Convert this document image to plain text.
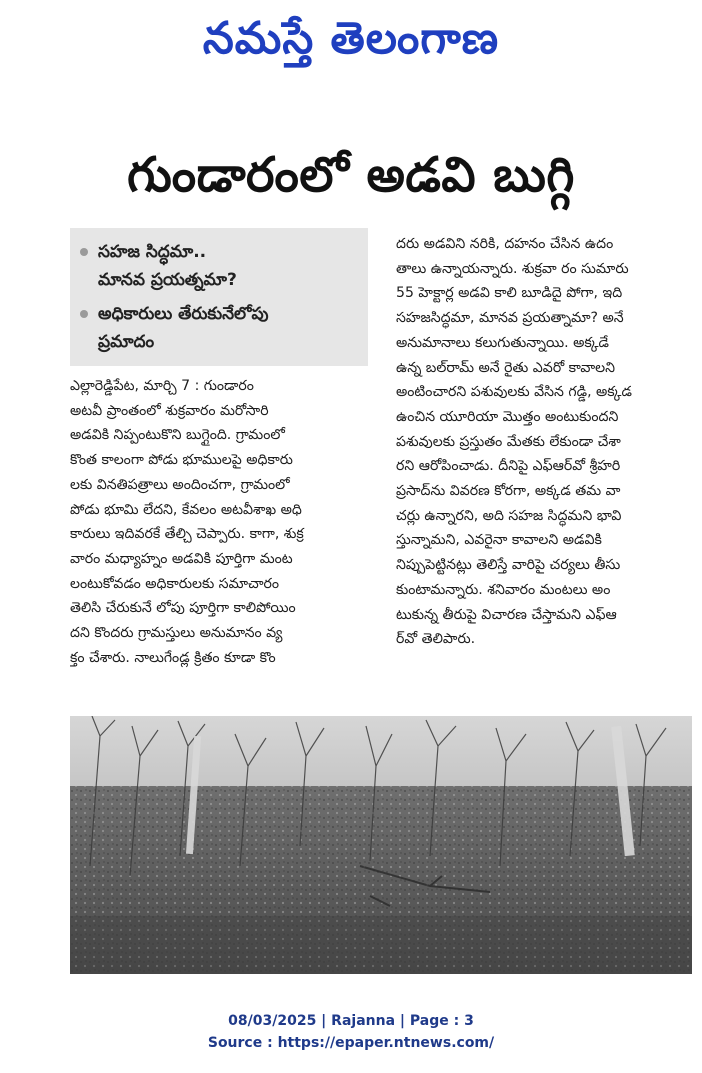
నమస్తే తెలంగాణ
గుండారంలో అడవి బుగ్గి
సహజ సిద్ధమా..
మానవ ప్రయత్నమా?
అధికారులు తేరుకునేలోపు
ప్రమాదం
ఎల్లారెడ్డిపేట, మార్చి 7 : గుండారం
అటవీ ప్రాంతంలో శుక్రవారం మరోసారి
అడవికి నిప్పంటుకొని బుగ్గైంది. గ్రామంలో
కొంత కాలంగా పోడు భూములపై అధికారు
లకు వినతిపత్రాలు అందించగా, గ్రామంలో
పోడు భూమి లేదని, కేవలం అటవీశాఖ అధి
కారులు ఇదివరకే తేల్చి చెప్పారు. కాగా, శుక్ర
వారం మధ్యాహ్నం అడవికి పూర్తిగా మంట
లంటుకోవడం అధికారులకు సమాచారం
తెలిసి చేరుకునే లోపు పూర్తిగా కాలిపోయిం
దని కొందరు గ్రామస్తులు అనుమానం వ్య
క్తం చేశారు. నాలుగేండ్ల క్రితం కూడా కొం
దరు అడవిని నరికి, దహనం చేసిన ఉదం
తాలు ఉన్నాయన్నారు. శుక్రవా రం సుమారు
55 హెక్టార్ల అడవి కాలి బూడిదై పోగా, ఇది
సహజసిద్ధమా, మానవ ప్రయత్నామా? అనే
అనుమానాలు కలుగుతున్నాయి. అక్కడే
ఉన్న బల్‌రామ్ అనే రైతు ఎవరో కావాలని
అంటించారని పశువులకు వేసిన గడ్డి, అక్కడ
ఉంచిన యూరియా మొత్తం అంటుకుందని
పశువులకు ప్రస్తుతం మేతకు లేకుండా చేశా
రని ఆరోపించాడు. దీనిపై ఎఫ్‌ఆర్‌వో శ్రీహరి
ప్రసాద్‌ను వివరణ కోరగా, అక్కడ తమ వా
చర్లు ఉన్నారని, అది సహజ సిద్ధమని భావి
స్తున్నామని, ఎవరైనా కావాలని అడవికి
నిప్పుపెట్టినట్లు తెలిస్తే వారిపై చర్యలు తీసు
కుంటామన్నారు. శనివారం మంటలు అం
టుకున్న తీరుపై విచారణ చేస్తామని ఎఫ్ఆ
ర్‌వో తెలిపారు.
08/03/2025 | Rajanna | Page : 3
Source : https://epaper.ntnews.com/
